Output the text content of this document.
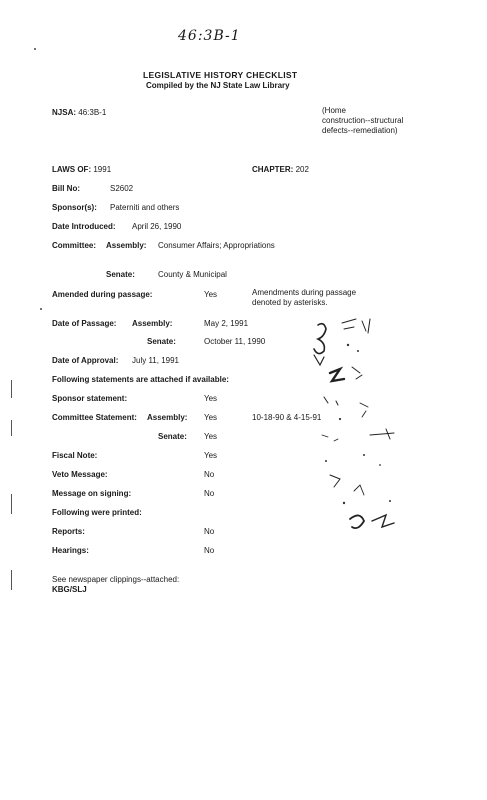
46:3B-1
LEGISLATIVE HISTORY CHECKLIST
Compiled by the NJ State Law Library
NJSA: 46:3B-1	(Home
construction--structural
defects--remediation)
LAWS OF: 1991	CHAPTER: 202
Bill No:	S2602
Sponsor(s): Paterniti and others
Date Introduced: April 26, 1990
Committee: Assembly: Consumer Affairs; Appropriations
Senate:	County & Municipal
Amended during passage:	Yes	Amendments during passage
denoted by asterisks.
Date of Passage: Assembly:	May 2, 1991
Senate:	October 11, 1990
Date of Approval: July 11, 1991
Following statements are attached if available:
Sponsor statement:	Yes
Committee Statement: Assembly: Yes	10-18-90 & 4-15-91
Senate: Yes
Fiscal Note:	Yes
Veto Message:	No
Message on signing:	No
Following were printed:
Reports:	No
Hearings:	No
See newspaper clippings--attached:
KBG/SLJ
